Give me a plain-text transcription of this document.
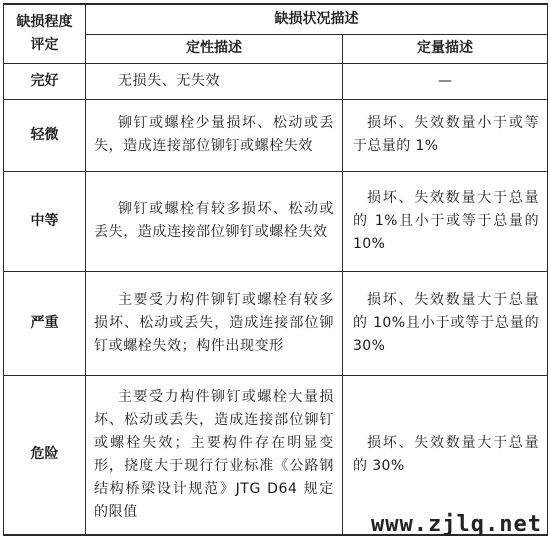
缺损程度
评定	缺损状况描述	
	定性描述	定量描述
完好	无损失、无失效	—
轻微	铆钉或螺栓少量损坏、松动或丢失，造成连接部位铆钉或螺栓失效	损坏、失效数量小于或等于总量的 1%

中等	铆钉或螺栓有较多损坏、松动或丢失，造成连接部位铆钉或螺栓失效	损坏、失效数量大于总量的 1%且小于或等于总量的 10%

严重	主要受力构件铆钉或螺栓有较多损坏、松动或丢失，造成连接部位铆钉或螺栓失效；构件出现变形	损坏、失效数量大于总量的 10%且小于或等于总量的 30%

危险	主要受力构件铆钉或螺栓大量损坏、松动或丢失，造成连接部位铆钉或螺栓失效；主要构件存在明显变形，挠度大于现行行业标准《公路钢结构桥梁设计规范》JTG D64 规定的限值	损坏、失效数量大于总量的 30%
www.zjlq.net
